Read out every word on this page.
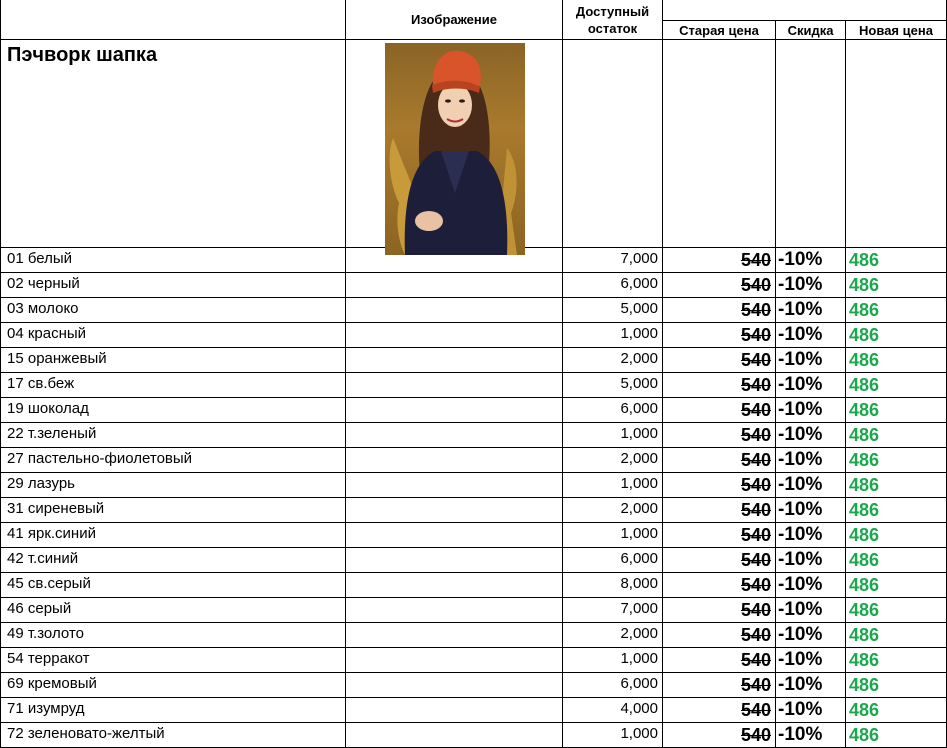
Изображение
Доступный остаток	Старая цена	Скидка	Новая цена
Пэчворк шапка
01 белый	7,000	540 -10%	486
02 черный	6,000	540 -10%	486
03 молоко	5,000	540 -10%	486
04 красный	1,000	540 -10%	486
15 оранжевый	2,000	540 -10%	486
17 св.беж	5,000	540 -10%	486
19 шоколад	6,000	540 -10%	486
22 т.зеленый	1,000	540 -10%	486
27 пастельно-фиолетовый	2,000	540 -10%	486
29 лазурь	1,000	540 -10%	486
31 сиреневый	2,000	540 -10%	486
41 ярк.синий	1,000	540 -10%	486
42 т.синий	6,000	540 -10%	486
45 св.серый	8,000	540 -10%	486
46 серый	7,000	540 -10%	486
49 т.золото	2,000	540 -10%	486
54 терракот	1,000	540 -10%	486
69 кремовый	6,000	540 -10%	486
71 изумруд	4,000	540 -10%	486
72 зеленовато-желтый	1,000	540 -10%	486
